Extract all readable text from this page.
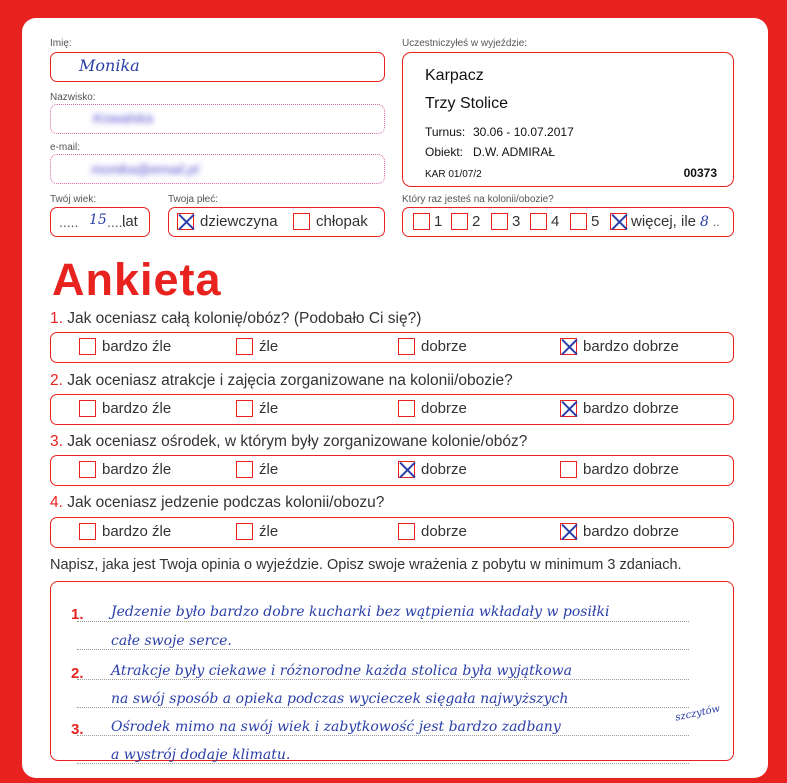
Imię:
Monika
Nazwisko:
Kowalska
e-mail:
monika@email.pl
Twój wiek:
..... 15 .....
lat
Twoja płeć:
dziewczyna	chłopak
Uczestniczyłeś w wyjeździe:
Karpacz
Trzy Stolice
Turnus: 30.06 - 10.07.2017
Obiekt: D.W. ADMIRAŁ
KAR 01/07/2	00373
Który raz jesteś na kolonii/obozie?
1 2 3 4 5 więcej, ile 8 ..
Ankieta
1. Jak oceniasz całą kolonię/obóz? (Podobało Ci się?)
bardzo źle	źle	dobrze	bardzo dobrze
2. Jak oceniasz atrakcje i zajęcia zorganizowane na kolonii/obozie?
bardzo źle	źle	dobrze	bardzo dobrze
3. Jak oceniasz ośrodek, w którym były zorganizowane kolonie/obóz?
bardzo źle	źle	dobrze	bardzo dobrze
4. Jak oceniasz jedzenie podczas kolonii/obozu?
bardzo źle	źle	dobrze	bardzo dobrze
Napisz, jaka jest Twoja opinia o wyjeździe. Opisz swoje wrażenia z pobytu w minimum 3 zdaniach.
1.
2.
3.
Jedzenie było bardzo dobre kucharki bez wątpienia wkładały w posiłki
całe swoje serce.
Atrakcje były ciekawe i różnorodne każda stolica była wyjątkowa
na swój sposób a opieka podczas wycieczek sięgała najwyższych
Ośrodek mimo na swój wiek i zabytkowość jest bardzo zadbany
a wystrój dodaje klimatu.
szczytów
